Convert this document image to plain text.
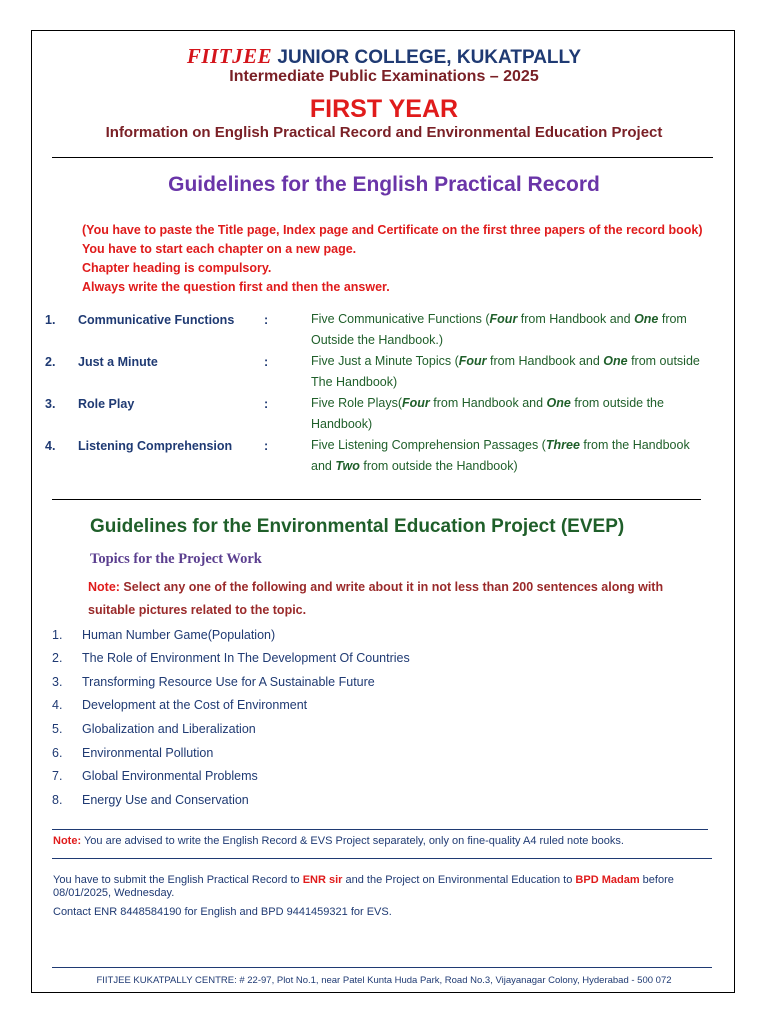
FIITJEE JUNIOR COLLEGE, KUKATPALLY
Intermediate Public Examinations – 2025
FIRST YEAR
Information on English Practical Record and Environmental Education Project
Guidelines for the English Practical Record
(You have to paste the Title page, Index page and Certificate on the first three papers of the record book)
You have to start each chapter on a new page.
Chapter heading is compulsory.
Always write the question first and then the answer.
1. Communicative Functions :	Five Communicative Functions (Four from Handbook and One from Outside the Handbook.)
2. Just a Minute	:	Five Just a Minute Topics (Four from Handbook and One from outside The Handbook)
3. Role Play	:	Five Role Plays(Four from Handbook and One from outside the Handbook)
4. Listening Comprehension	:	Five Listening Comprehension Passages (Three from the Handbook and Two from outside the Handbook)
Guidelines for the Environmental Education Project (EVEP)
Topics for the Project Work
Note: Select any one of the following and write about it in not less than 200 sentences along with suitable pictures related to the topic.
1. Human Number Game(Population)
2. The Role of Environment In The Development Of Countries
3. Transforming Resource Use for A Sustainable Future
4. Development at the Cost of Environment
5. Globalization and Liberalization
6. Environmental Pollution
7. Global Environmental Problems
8. Energy Use and Conservation
Note: You are advised to write the English Record & EVS Project separately, only on fine-quality A4 ruled note books.
You have to submit the English Practical Record to ENR sir and the Project on Environmental Education to BPD Madam before 08/01/2025, Wednesday.
Contact ENR 8448584190 for English and BPD 9441459321 for EVS.
FIITJEE KUKATPALLY CENTRE: # 22-97, Plot No.1, near Patel Kunta Huda Park, Road No.3, Vijayanagar Colony, Hyderabad - 500 072
